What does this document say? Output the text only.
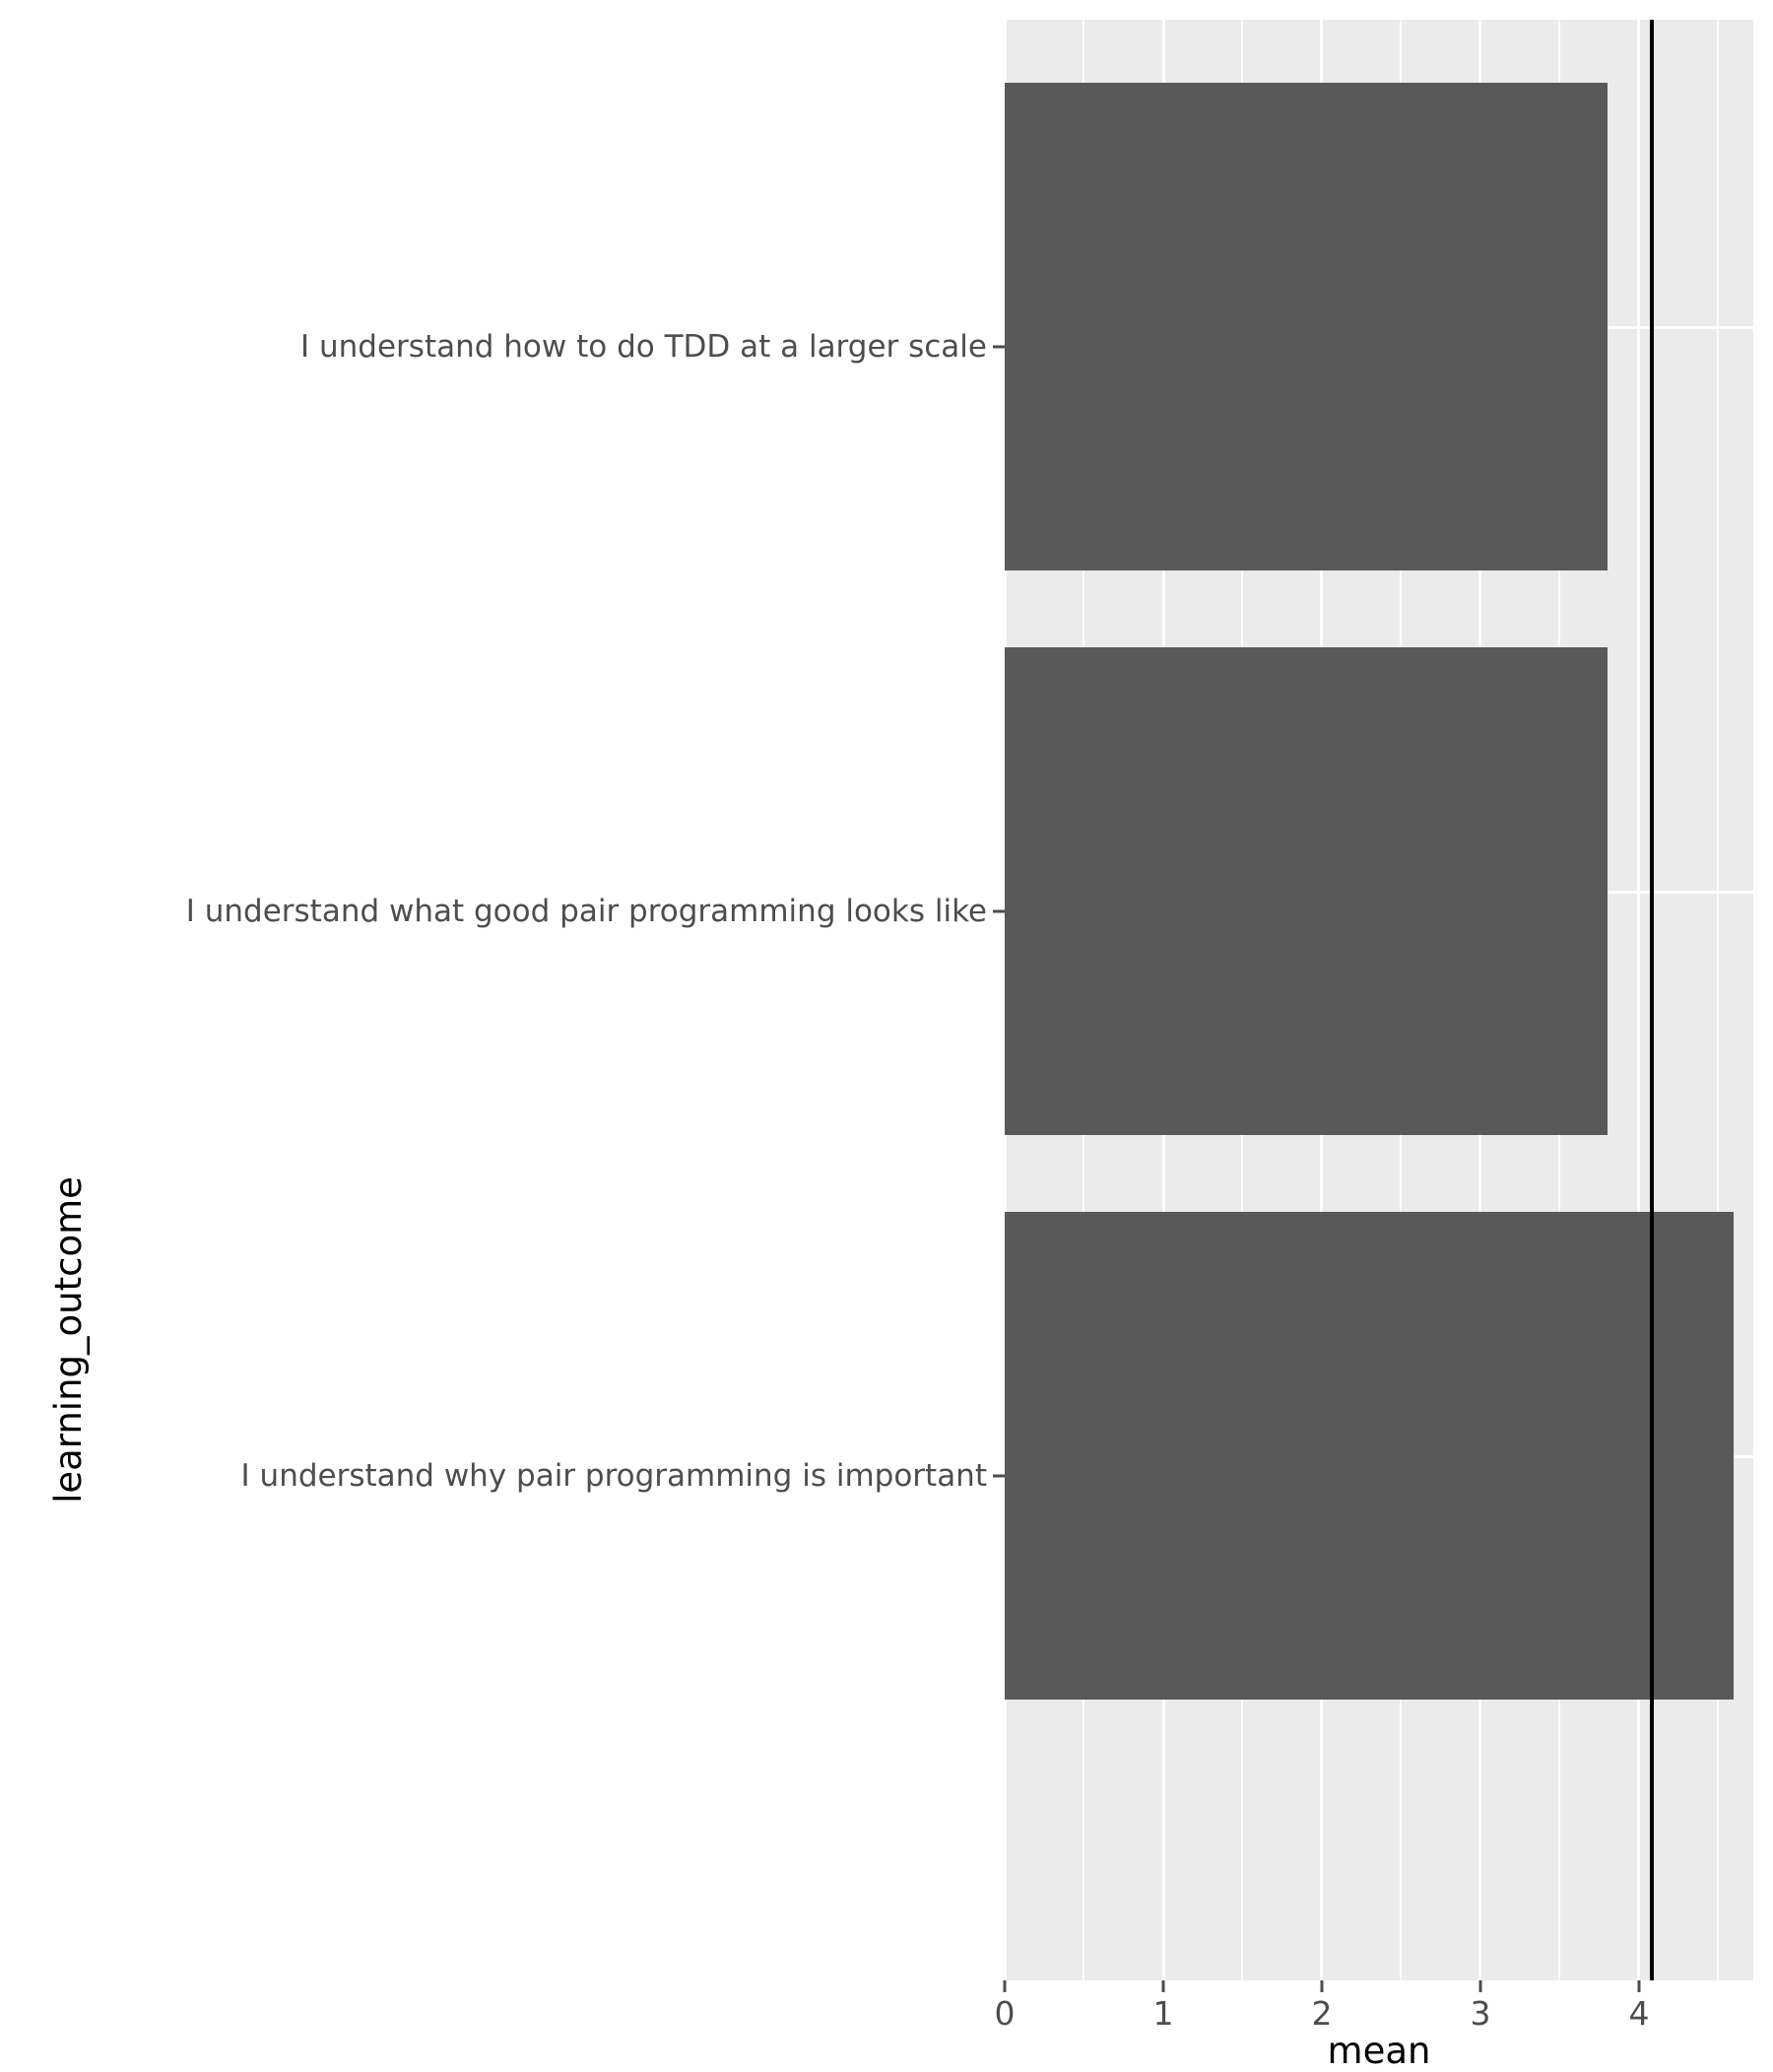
learning_outcome
I understand how to do TDD at a larger scale
I understand what good pair programming looks like
I understand why pair programming is important
0	1	2	3	4
mean
